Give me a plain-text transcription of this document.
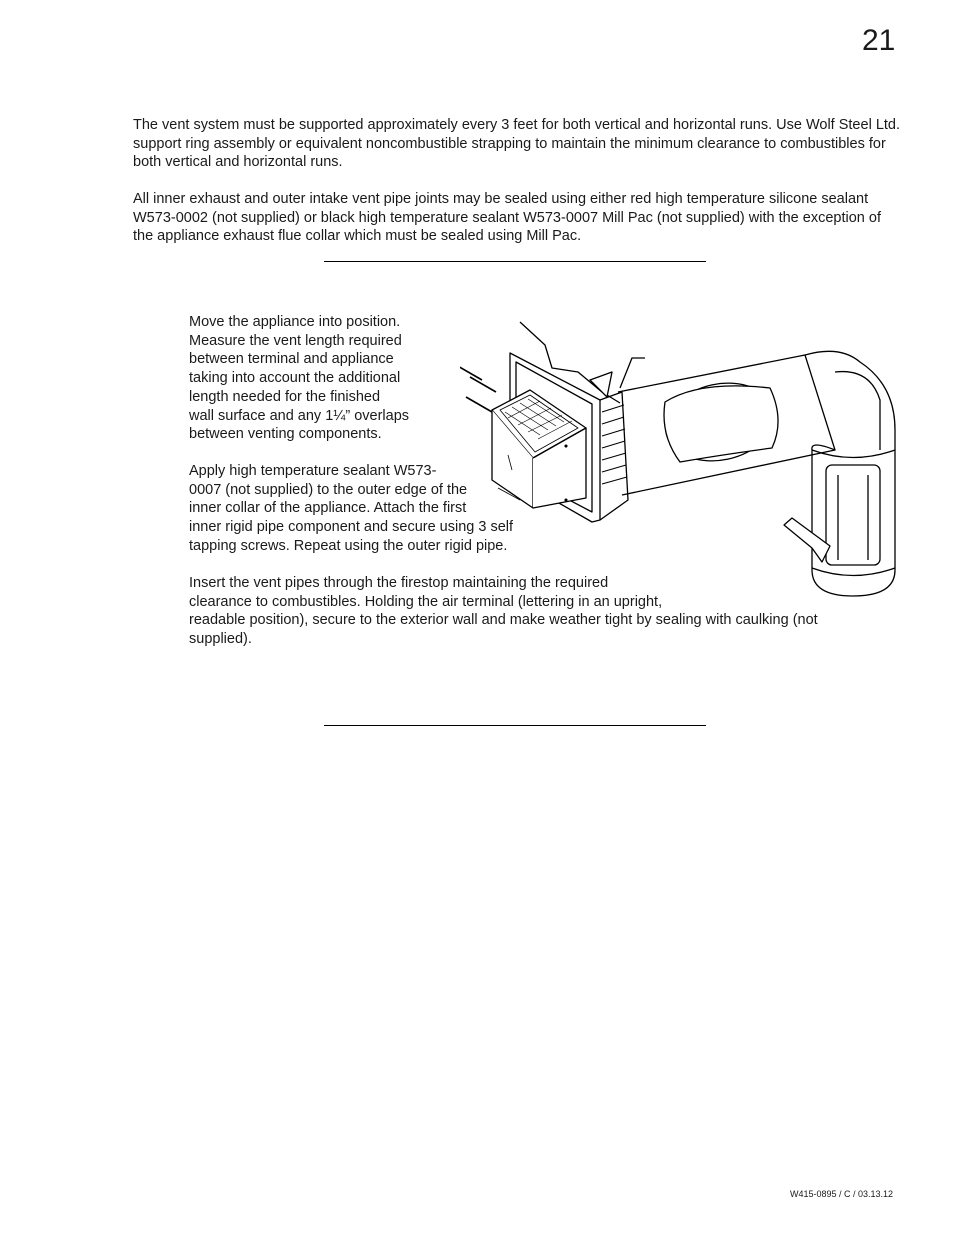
21

The vent system must be supported approximately every 3 feet for both vertical and horizontal runs. Use Wolf Steel Ltd. support ring assembly or equivalent noncombustible strapping to maintain the minimum clearance to combustibles for both vertical and horizontal runs.

All inner exhaust and outer intake vent pipe joints may be sealed using either red high temperature silicone sealant W573-0002 (not supplied) or black high temperature sealant W573-0007 Mill Pac (not supplied) with the exception of the appliance exhaust flue collar which must be sealed using Mill Pac.

Move the appliance into position.
Measure the vent length required
between terminal and appliance
taking into account the additional
length needed for the finished
wall surface and any 1¼” overlaps
between venting components.

Apply high temperature sealant W573-
0007 (not supplied) to the outer edge of the
inner collar of the appliance. Attach the first
inner rigid pipe component and secure using 3 self
tapping screws. Repeat using the outer rigid pipe.

Insert the vent pipes through the firestop maintaining the required
clearance to combustibles. Holding the air terminal (lettering in an upright,
readable position), secure to the exterior wall and make weather tight by sealing with caulking (not
supplied).

W415-0895 / C / 03.13.12
